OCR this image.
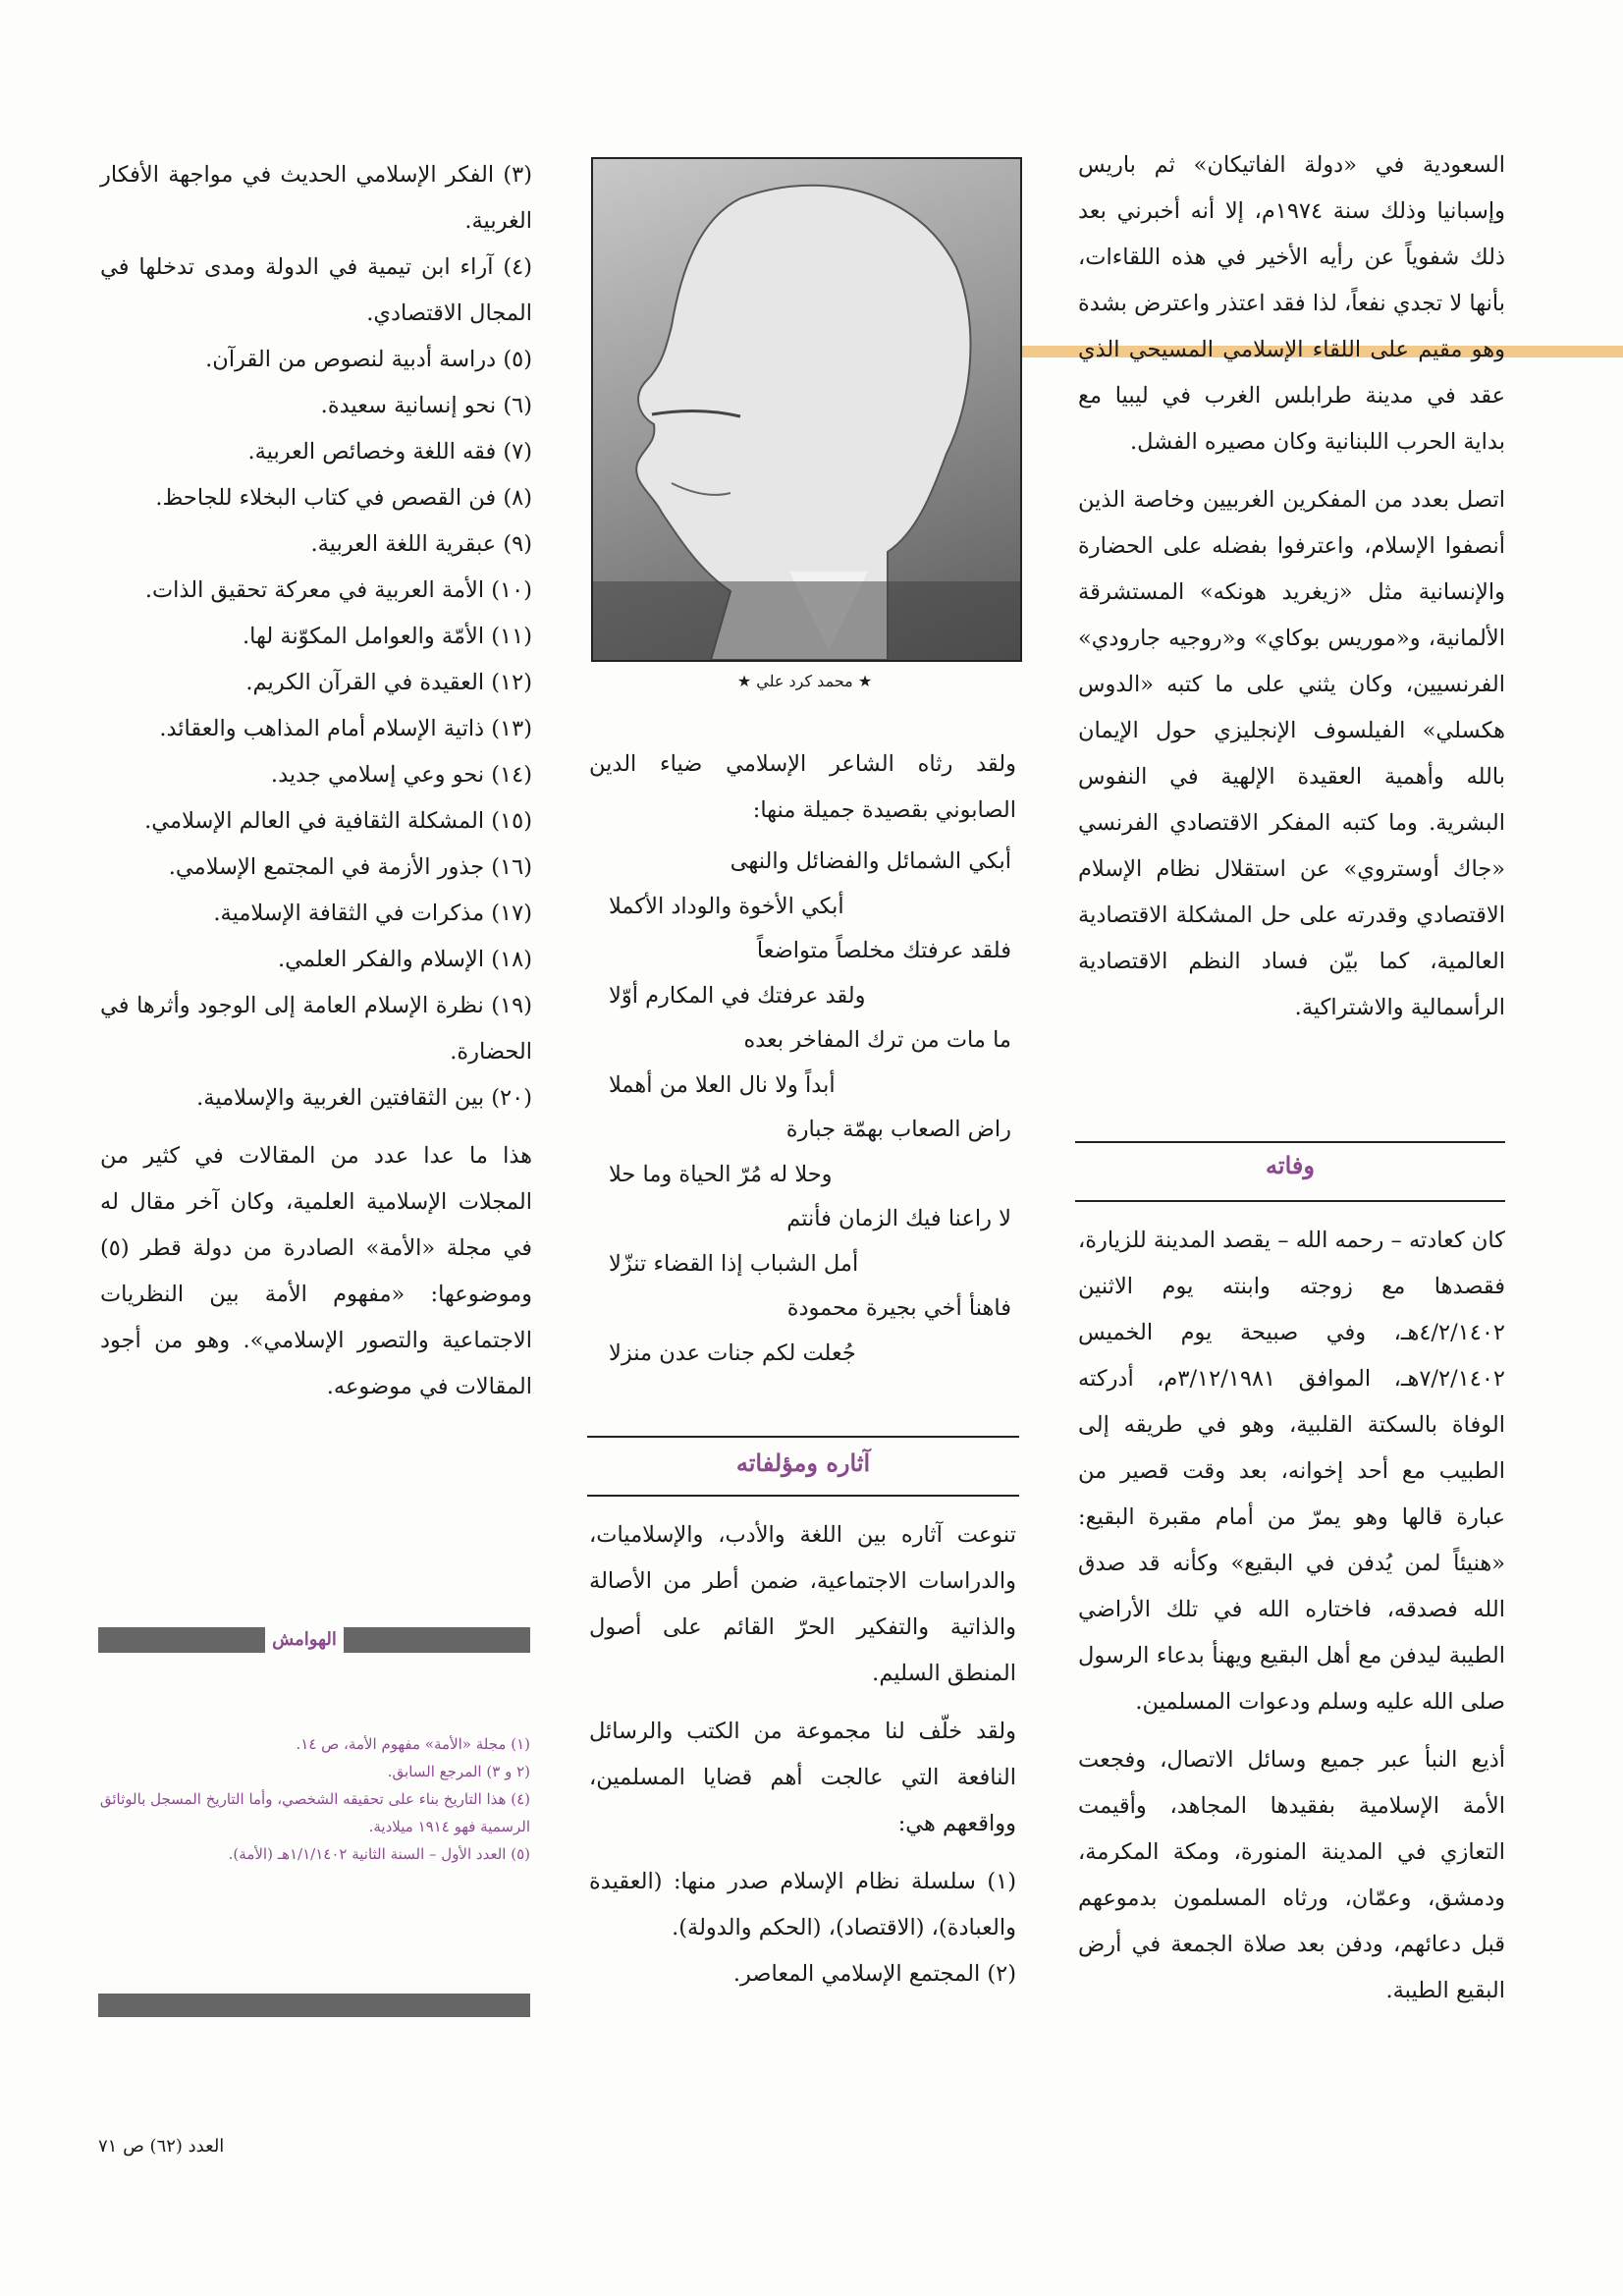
السعودية في «دولة الفاتيكان» ثم باريس وإسبانيا وذلك سنة ١٩٧٤م، إلا أنه أخبرني بعد ذلك شفوياً عن رأيه الأخير في هذه اللقاءات، بأنها لا تجدي نفعاً، لذا فقد اعتذر واعترض بشدة وهو مقيم على اللقاء الإسلامي المسيحي الذي عقد في مدينة طرابلس الغرب في ليبيا مع بداية الحرب اللبنانية وكان مصيره الفشل.

اتصل بعدد من المفكرين الغربيين وخاصة الذين أنصفوا الإسلام، واعترفوا بفضله على الحضارة والإنسانية مثل «زيغريد هونكه» المستشرقة الألمانية، و«موريس بوكاي» و«روجيه جارودي» الفرنسيين، وكان يثني على ما كتبه «الدوس هكسلي» الفيلسوف الإنجليزي حول الإيمان بالله وأهمية العقيدة الإلهية في النفوس البشرية. وما كتبه المفكر الاقتصادي الفرنسي «جاك أوستروي» عن استقلال نظام الإسلام الاقتصادي وقدرته على حل المشكلة الاقتصادية العالمية، كما بيّن فساد النظم الاقتصادية الرأسمالية والاشتراكية.

وفاته

كان كعادته – رحمه الله – يقصد المدينة للزيارة، فقصدها مع زوجته وابنته يوم الاثنين ٤/٢/١٤٠٢هـ، وفي صبيحة يوم الخميس ٧/٢/١٤٠٢هـ، الموافق ٣/١٢/١٩٨١م، أدركته الوفاة بالسكتة القلبية، وهو في طريقه إلى الطبيب مع أحد إخوانه، بعد وقت قصير من عبارة قالها وهو يمرّ من أمام مقبرة البقيع: «هنيئاً لمن يُدفن في البقيع» وكأنه قد صدق الله فصدقه، فاختاره الله في تلك الأراضي الطيبة ليدفن مع أهل البقيع ويهنأ بدعاء الرسول صلى الله عليه وسلم ودعوات المسلمين.

أذيع النبأ عبر جميع وسائل الاتصال، وفجعت الأمة الإسلامية بفقيدها المجاهد، وأقيمت التعازي في المدينة المنورة، ومكة المكرمة، ودمشق، وعمّان، ورثاه المسلمون بدموعهم قبل دعائهم، ودفن بعد صلاة الجمعة في أرض البقيع الطيبة.

★ محمد كرد علي ★

ولقد رثاه الشاعر الإسلامي ضياء الدين الصابوني بقصيدة جميلة منها:

أبكي الشمائل والفضائل والنهى
أبكي الأخوة والوداد الأكملا
فلقد عرفتك مخلصاً متواضعاً
ولقد عرفتك في المكارم أوّلا
ما مات من ترك المفاخر بعده
أبداً ولا نال العلا من أهملا
راض الصعاب بهمّة جبارة
وحلا له مُرّ الحياة وما حلا
لا راعنا فيك الزمان فأنتم
أمل الشباب إذا القضاء تنزّلا
فاهنأ أخي بجيرة محمودة
جُعلت لكم جنات عدن منزلا
آثاره ومؤلفاته

تنوعت آثاره بين اللغة والأدب، والإسلاميات، والدراسات الاجتماعية، ضمن أطر من الأصالة والذاتية والتفكير الحرّ القائم على أصول المنطق السليم.

ولقد خلّف لنا مجموعة من الكتب والرسائل النافعة التي عالجت أهم قضايا المسلمين، وواقعهم هي:

(١) سلسلة نظام الإسلام صدر منها: (العقيدة والعبادة)، (الاقتصاد)، (الحكم والدولة).

(٢) المجتمع الإسلامي المعاصر.

(٣) الفكر الإسلامي الحديث في مواجهة الأفكار الغربية.

(٤) آراء ابن تيمية في الدولة ومدى تدخلها في المجال الاقتصادي.

(٥) دراسة أدبية لنصوص من القرآن.

(٦) نحو إنسانية سعيدة.

(٧) فقه اللغة وخصائص العربية.

(٨) فن القصص في كتاب البخلاء للجاحظ.

(٩) عبقرية اللغة العربية.

(١٠) الأمة العربية في معركة تحقيق الذات.

(١١) الأمّة والعوامل المكوّنة لها.

(١٢) العقيدة في القرآن الكريم.

(١٣) ذاتية الإسلام أمام المذاهب والعقائد.

(١٤) نحو وعي إسلامي جديد.

(١٥) المشكلة الثقافية في العالم الإسلامي.

(١٦) جذور الأزمة في المجتمع الإسلامي.

(١٧) مذكرات في الثقافة الإسلامية.

(١٨) الإسلام والفكر العلمي.

(١٩) نظرة الإسلام العامة إلى الوجود وأثرها في الحضارة.

(٢٠) بين الثقافتين الغربية والإسلامية.

هذا ما عدا عدد من المقالات في كثير من المجلات الإسلامية العلمية، وكان آخر مقال له في مجلة «الأمة» الصادرة من دولة قطر (٥) وموضوعها: «مفهوم الأمة بين النظريات الاجتماعية والتصور الإسلامي». وهو من أجود المقالات في موضوعه.

الهوامش
(١) مجلة «الأمة» مفهوم الأمة، ص ١٤.
(٢ و ٣) المرجع السابق.
(٤) هذا التاريخ بناء على تحقيقه الشخصي، وأما التاريخ المسجل بالوثائق الرسمية فهو ١٩١٤ ميلادية.
(٥) العدد الأول – السنة الثانية ١/١/١٤٠٢هـ (الأمة).
العدد (٦٢) ص ٧١
